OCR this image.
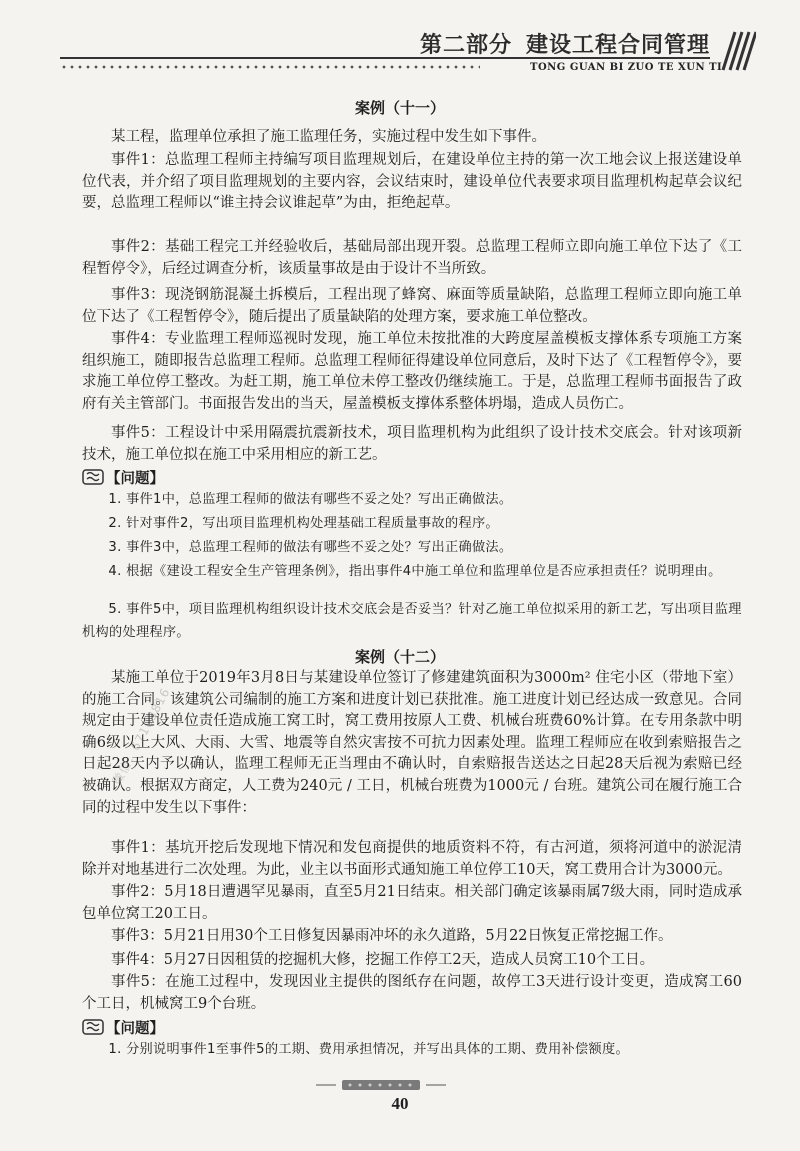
第二部分 建设工程合同管理
TONG GUAN BI ZUO TE XUN TI
案例（十一）
某工程，监理单位承担了施工监理任务，实施过程中发生如下事件。
事件1：总监理工程师主持编写项目监理规划后，在建设单位主持的第一次工地会议上报送建设单位代表，并介绍了项目监理规划的主要内容，会议结束时，建设单位代表要求项目监理机构起草会议纪要，总监理工程师以“谁主持会议谁起草”为由，拒绝起草。
事件2：基础工程完工并经验收后，基础局部出现开裂。总监理工程师立即向施工单位下达了《工程暂停令》，后经过调查分析，该质量事故是由于设计不当所致。
事件3：现浇钢筋混凝土拆模后，工程出现了蜂窝、麻面等质量缺陷，总监理工程师立即向施工单位下达了《工程暂停令》，随后提出了质量缺陷的处理方案，要求施工单位整改。
事件4：专业监理工程师巡视时发现，施工单位未按批准的大跨度屋盖模板支撑体系专项施工方案组织施工，随即报告总监理工程师。总监理工程师征得建设单位同意后，及时下达了《工程暂停令》，要求施工单位停工整改。为赶工期，施工单位未停工整改仍继续施工。于是，总监理工程师书面报告了政府有关主管部门。书面报告发出的当天，屋盖模板支撑体系整体坍塌，造成人员伤亡。
事件5：工程设计中采用隔震抗震新技术，项目监理机构为此组织了设计技术交底会。针对该项新技术，施工单位拟在施工中采用相应的新工艺。
【问题】
1. 事件1中，总监理工程师的做法有哪些不妥之处？写出正确做法。
2. 针对事件2，写出项目监理机构处理基础工程质量事故的程序。
3. 事件3中，总监理工程师的做法有哪些不妥之处？写出正确做法。
4. 根据《建设工程安全生产管理条例》，指出事件4中施工单位和监理单位是否应承担责任？说明理由。
5. 事件5中，项目监理机构组织设计技术交底会是否妥当？针对乙施工单位拟采用的新工艺，写出项目监理机构的处理程序。
案例（十二）
某施工单位于2019年3月8日与某建设单位签订了修建建筑面积为3000m² 住宅小区（带地下室）的施工合同。该建筑公司编制的施工方案和进度计划已获批准。施工进度计划已经达成一致意见。合同规定由于建设单位责任造成施工窝工时，窝工费用按原人工费、机械台班费60%计算。在专用条款中明确6级以上大风、大雨、大雪、地震等自然灾害按不可抗力因素处理。监理工程师应在收到索赔报告之日起28天内予以确认，监理工程师无正当理由不确认时，自索赔报告送达之日起28天后视为索赔已经被确认。根据双方商定，人工费为240元 / 工日，机械台班费为1000元 / 台班。建筑公司在履行施工合同的过程中发生以下事件：
事件1：基坑开挖后发现地下情况和发包商提供的地质资料不符，有古河道，须将河道中的淤泥清除并对地基进行二次处理。为此，业主以书面形式通知施工单位停工10天，窝工费用合计为3000元。
事件2：5月18日遭遇罕见暴雨，直至5月21日结束。相关部门确定该暴雨属7级大雨，同时造成承包单位窝工20工日。
事件3：5月21日用30个工日修复因暴雨冲坏的永久道路，5月22日恢复正常挖掘工作。
事件4：5月27日因租赁的挖掘机大修，挖掘工作停工2天，造成人员窝工10个工日。
事件5：在施工过程中，发现因业主提供的图纸存在问题，故停工3天进行设计变更，造成窝工60个工日，机械窝工9个台班。
【问题】
1. 分别说明事件1至事件5的工期、费用承担情况，并写出具体的工期、费用补偿额度。
40
微信：67103816
